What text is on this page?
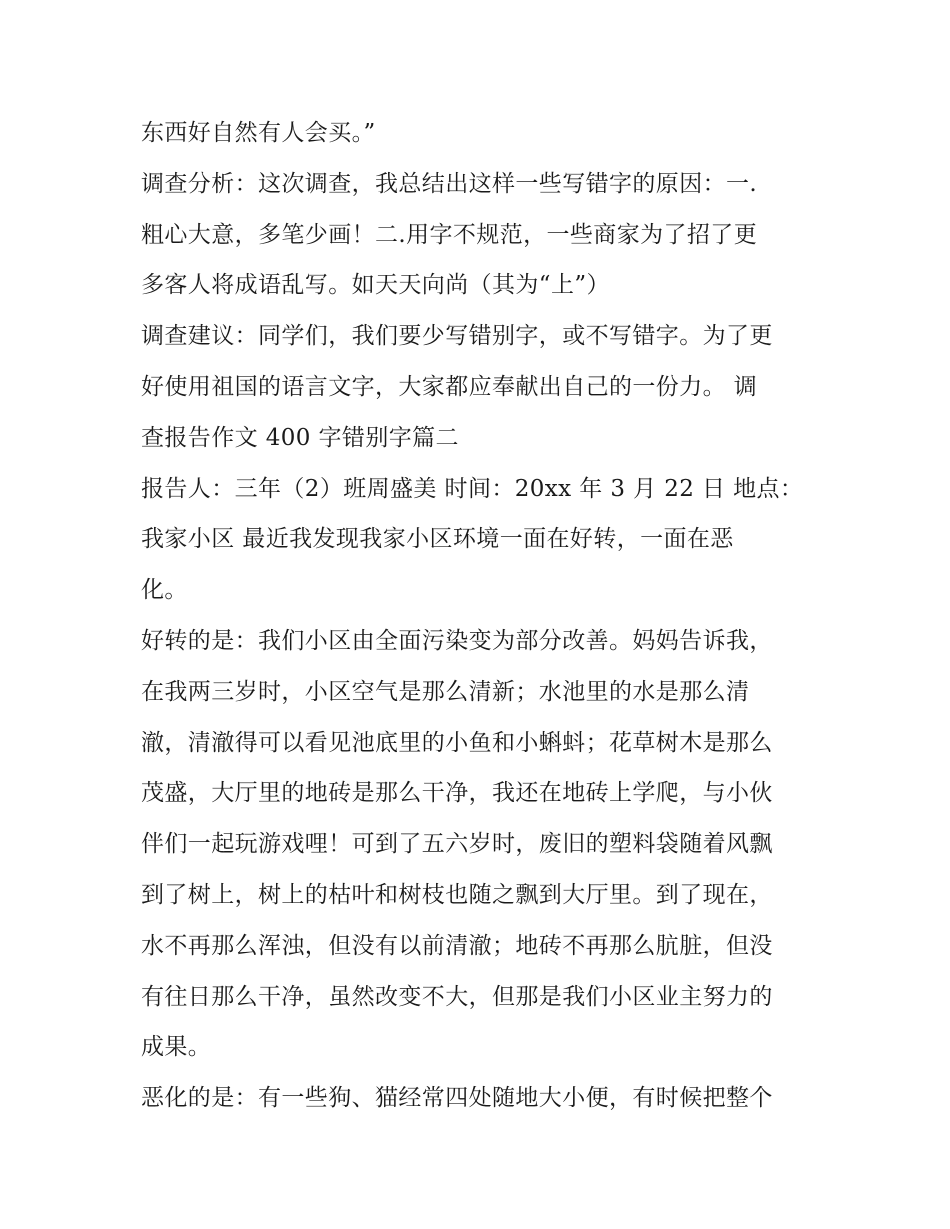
东西好自然有人会买。”
调查分析：这次调查，我总结出这样一些写错字的原因：一.
粗心大意，多笔少画！二.用字不规范，一些商家为了招了更
多客人将成语乱写。如天天向尚（其为“上”）
调查建议：同学们，我们要少写错别字，或不写错字。为了更
好使用祖国的语言文字，大家都应奉献出自己的一份力。 调
查报告作文 400 字错别字篇二
报告人：三年（2）班周盛美 时间：20xx 年 3 月 22 日 地点：
我家小区 最近我发现我家小区环境一面在好转，一面在恶
化。
好转的是：我们小区由全面污染变为部分改善。妈妈告诉我，
在我两三岁时，小区空气是那么清新；水池里的水是那么清
澈，清澈得可以看见池底里的小鱼和小蝌蚪；花草树木是那么
茂盛，大厅里的地砖是那么干净，我还在地砖上学爬，与小伙
伴们一起玩游戏哩！可到了五六岁时，废旧的塑料袋随着风飘
到了树上，树上的枯叶和树枝也随之飘到大厅里。到了现在，
水不再那么浑浊，但没有以前清澈；地砖不再那么肮脏，但没
有往日那么干净，虽然改变不大，但那是我们小区业主努力的
成果。
恶化的是：有一些狗、猫经常四处随地大小便，有时候把整个
